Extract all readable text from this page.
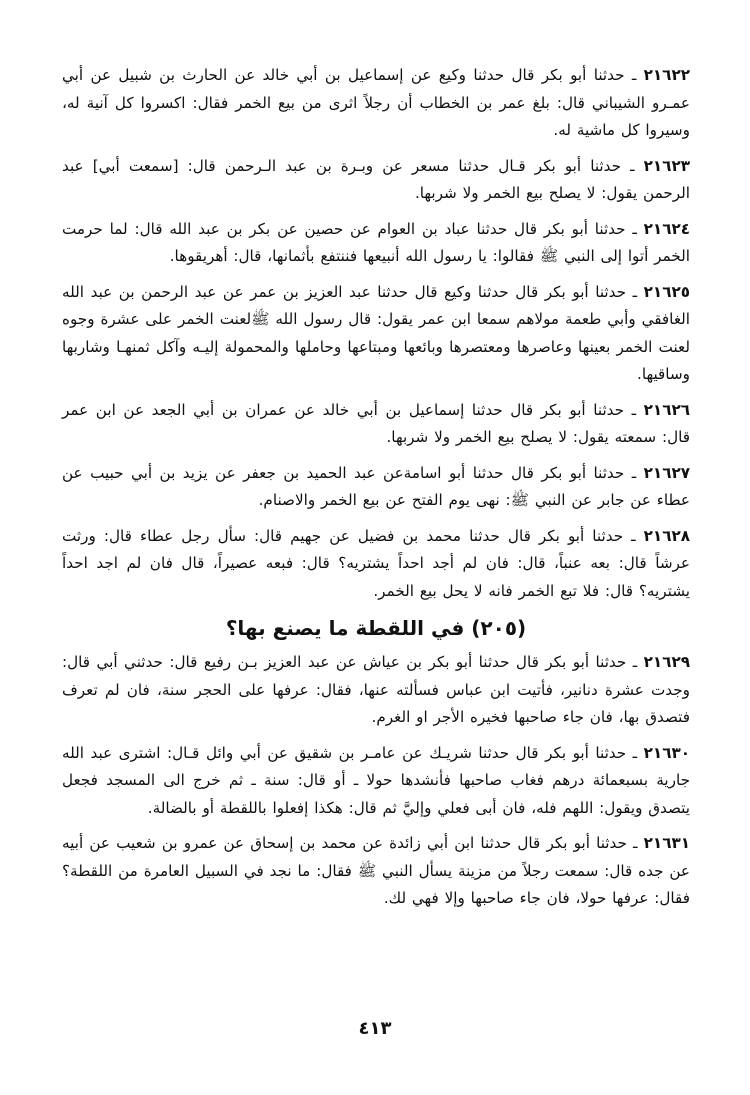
٢١٦٢٢ ـ حدثنا أبو بكر قال حدثنا وكيع عن إسماعيل بن أبي خالد عن الحارث بن شبيل عن أبي عمـرو الشيباني قال: بلغ عمر بن الخطاب أن رجلاً اثرى من بيع الخمر فقال: اكسروا كل آنية له، وسيروا كل ماشية له.

٢١٦٢٣ ـ حدثنا أبو بكر قـال حدثنا مسعر عن وبـرة بن عبد الـرحمن قال: [سمعت أبي] عبد الرحمن يقول: لا يصلح بيع الخمر ولا شربها.

٢١٦٢٤ ـ حدثنا أبو بكر قال حدثنا عباد بن العوام عن حصين عن بكر بن عبد الله قال: لما حرمت الخمر أتوا إلى النبي ﷺ فقالوا: يا رسول الله أنبيعها فننتفع بأثمانها، قال: أهريقوها.

٢١٦٢٥ ـ حدثنا أبو بكر قال حدثنا وكيع قال حدثنا عبد العزيز بن عمر عن عبد الرحمن بن عبد الله الغافقي وأبي طعمة مولاهم سمعا ابن عمر يقول: قال رسول الله ﷺلعنت الخمر على عشرة وجوه لعنت الخمر بعينها وعاصرها ومعتصرها وبائعها ومبتاعها وحاملها والمحمولة إليـه وآكل ثمنهـا وشاربها وساقيها.

٢١٦٢٦ ـ حدثنا أبو بكر قال حدثنا إسماعيل بن أبي خالد عن عمران بن أبي الجعد عن ابن عمر قال: سمعته يقول: لا يصلح بيع الخمر ولا شربها.

٢١٦٢٧ ـ حدثنا أبو بكر قال حدثنا أبو اسامةعن عبد الحميد بن جعفر عن يزيد بن أبي حبيب عن عطاء عن جابر عن النبي ﷺ: نهى يوم الفتح عن بيع الخمر والاصنام.

٢١٦٢٨ ـ حدثنا أبو بكر قال حدثنا محمد بن فضيل عن جهيم قال: سأل رجل عطاء قال: ورثت عرشاً قال: بعه عنباً، قال: فان لم أجد احداً يشتريه؟ قال: فبعه عصيراً، قال فان لم اجد احداً يشتريه؟ قال: فلا تبع الخمر فانه لا يحل بيع الخمر.

(٢٠٥) في اللقطة ما يصنع بها؟

٢١٦٢٩ ـ حدثنا أبو بكر قال حدثنا أبو بكر بن عياش عن عبد العزيز بـن رفيع قال: حدثني أبي قال: وجدت عشرة دنانير، فأتيت ابن عباس فسألته عنها، فقال: عرفها على الحجر سنة، فان لم تعرف فتصدق بها، فان جاء صاحبها فخيره الأجر او الغرم.

٢١٦٣٠ ـ حدثنا أبو بكر قال حدثنا شريـك عن عامـر بن شقيق عن أبي وائل قـال: اشترى عبد الله جارية بسبعمائة درهم فغاب صاحبها فأنشدها حولا ـ أو قال: سنة ـ ثم خرج الى المسجد فجعل يتصدق ويقول: اللهم فله، فان أبى فعلي وإليَّ ثم قال: هكذا إفعلوا باللقطة أو بالضالة.

٢١٦٣١ ـ حدثنا أبو بكر قال حدثنا ابن أبي زائدة عن محمد بن إسحاق عن عمرو بن شعيب عن أبيه عن جده قال: سمعت رجلاً من مزينة يسأل النبي ﷺ فقال: ما نجد في السبيل العامرة من اللقطة؟ فقال: عرفها حولا، فان جاء صاحبها وإلا فهي لك.

٤١٣
